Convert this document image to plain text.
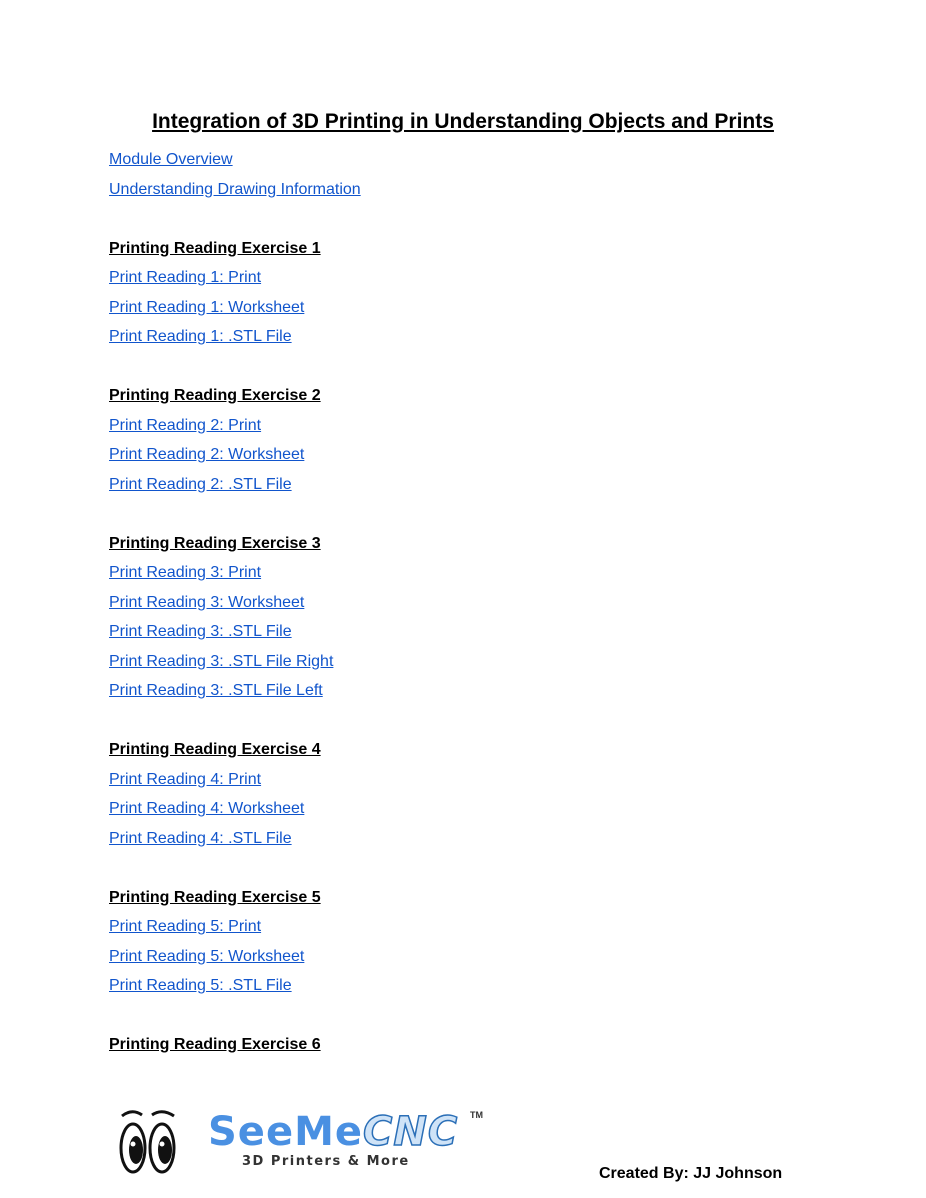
Integration of 3D Printing in Understanding Objects and Prints
Module Overview
Understanding Drawing Information
Printing Reading Exercise 1
Print Reading 1: Print
Print Reading 1: Worksheet
Print Reading 1: .STL File
Printing Reading Exercise 2
Print Reading 2: Print
Print Reading 2: Worksheet
Print Reading 2: .STL File
Printing Reading Exercise 3
Print Reading 3: Print
Print Reading 3: Worksheet
Print Reading 3: .STL File
Print Reading 3: .STL File Right
Print Reading 3: .STL File Left
Printing Reading Exercise 4
Print Reading 4: Print
Print Reading 4: Worksheet
Print Reading 4: .STL File
Printing Reading Exercise 5
Print Reading 5: Print
Print Reading 5: Worksheet
Print Reading 5: .STL File
Printing Reading Exercise 6
SeeMeCNC TM
3D Printers & More
Created By: JJ Johnson
